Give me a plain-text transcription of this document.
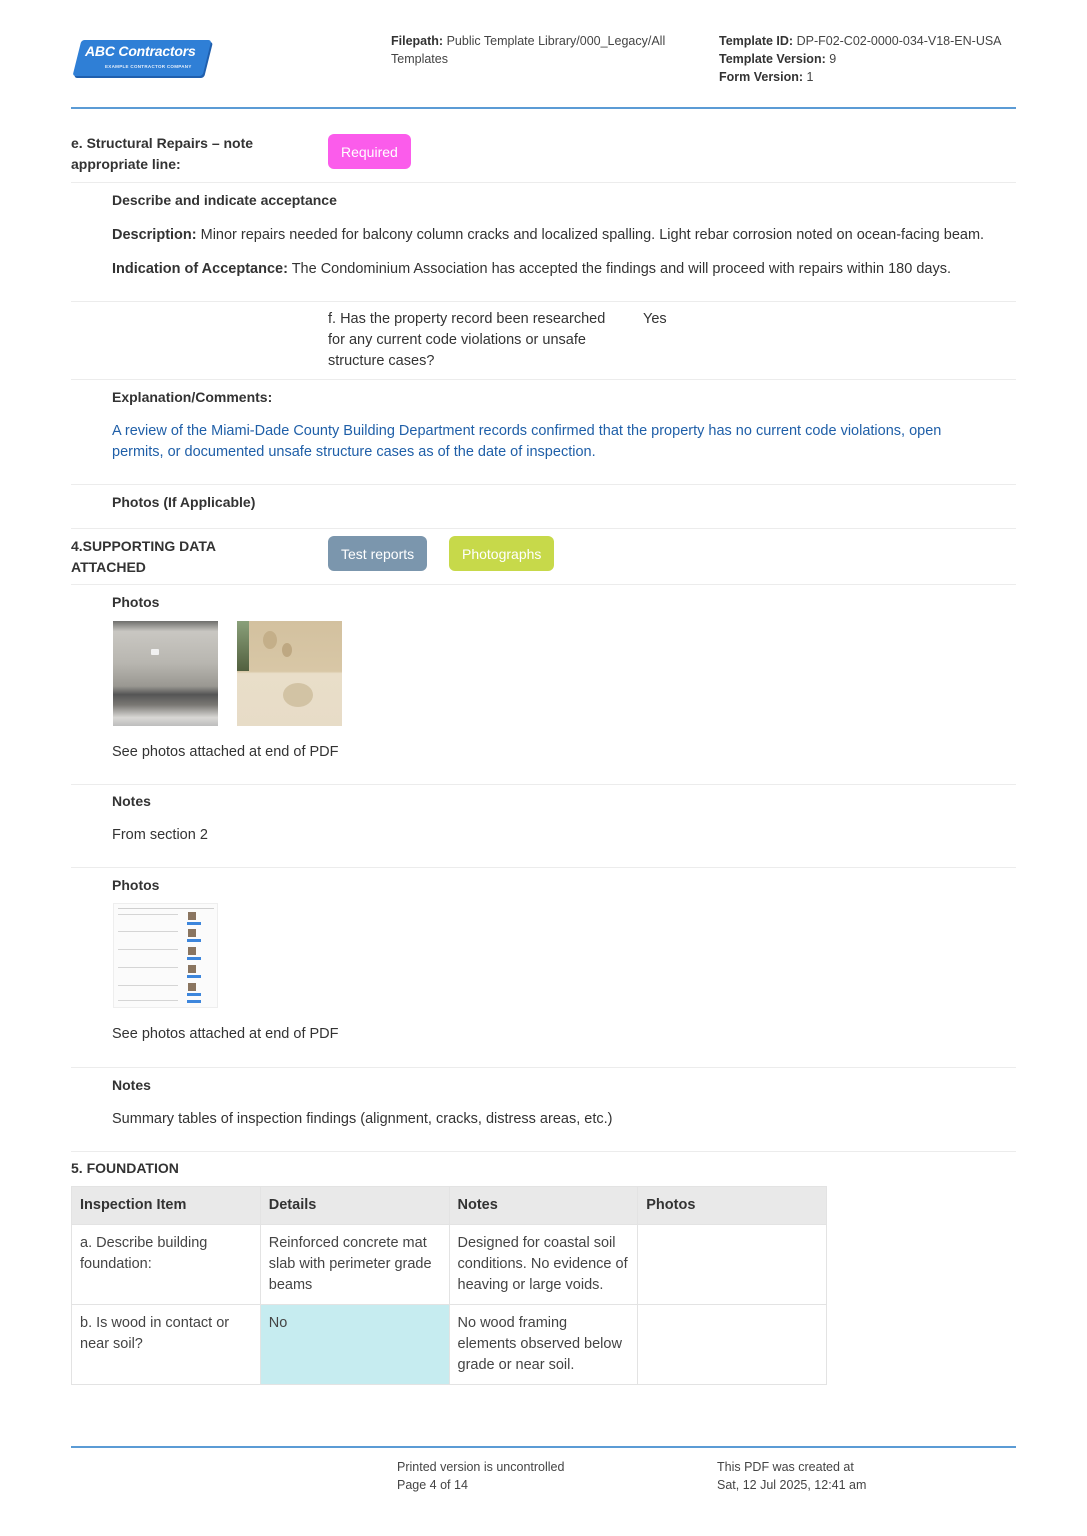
ABC Contractors
EXAMPLE CONTRACTOR COMPANY
Filepath: Public Template Library/000_Legacy/All Templates
Template ID: DP-F02-C02-0000-034-V18-EN-USA
Template Version: 9
Form Version: 1
e. Structural Repairs – note appropriate line:
Required
Describe and indicate acceptance
Description: Minor repairs needed for balcony column cracks and localized spalling. Light rebar corrosion noted on ocean-facing beam.
Indication of Acceptance: The Condominium Association has accepted the findings and will proceed with repairs within 180 days.
f. Has the property record been researched for any current code violations or unsafe structure cases?
Yes
Explanation/Comments:
A review of the Miami-Dade County Building Department records confirmed that the property has no current code violations, open permits, or documented unsafe structure cases as of the date of inspection.
Photos (If Applicable)
4.SUPPORTING DATA ATTACHED
Test reports	Photographs
Photos
See photos attached at end of PDF
Notes
From section 2
Photos
See photos attached at end of PDF
Notes
Summary tables of inspection findings (alignment, cracks, distress areas, etc.)
5. FOUNDATION
Inspection Item	Details	Notes	Photos
a. Describe building foundation:	Reinforced concrete mat slab with perimeter grade beams	Designed for coastal soil conditions. No evidence of heaving or large voids.	
b. Is wood in contact or near soil?	No	No wood framing elements observed below grade or near soil.	
Printed version is uncontrolled
Page 4 of 14
This PDF was created at
Sat, 12 Jul 2025, 12:41 am
